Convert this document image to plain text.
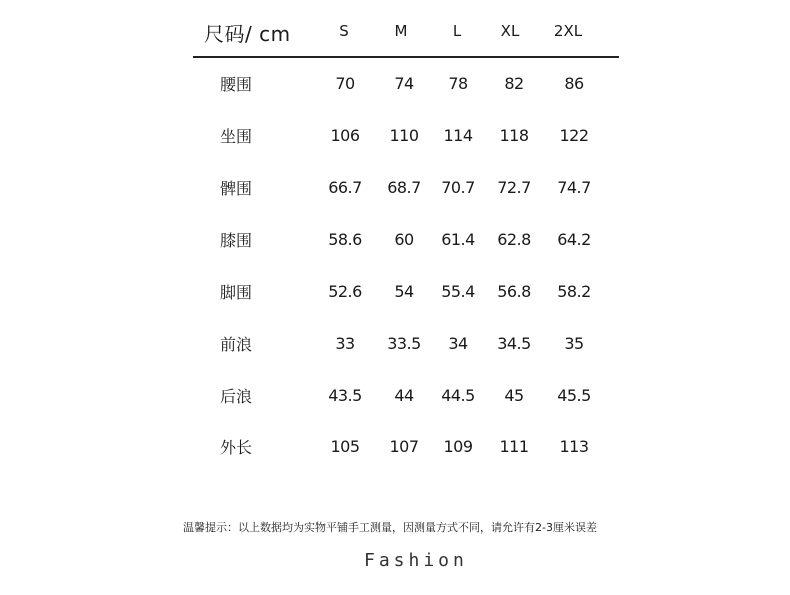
尺码/ cm	S	M	L	XL 2XL
腰围	70 74 78 82	86
坐围	106 110 114 118 122
髀围	66.7 68.7 70.7 72.7 74.7
膝围	58.6 60 61.4 62.8 64.2
脚围	52.6 54 55.4 56.8 58.2
前浪	33 33.5 34 34.5 35
后浪	43.5 44 44.5 45 45.5
外长	105 107 109 111 113
温馨提示：以上数据均为实物平铺手工测量，因测量方式不同，请允许有2-3厘米误差
Fashion
